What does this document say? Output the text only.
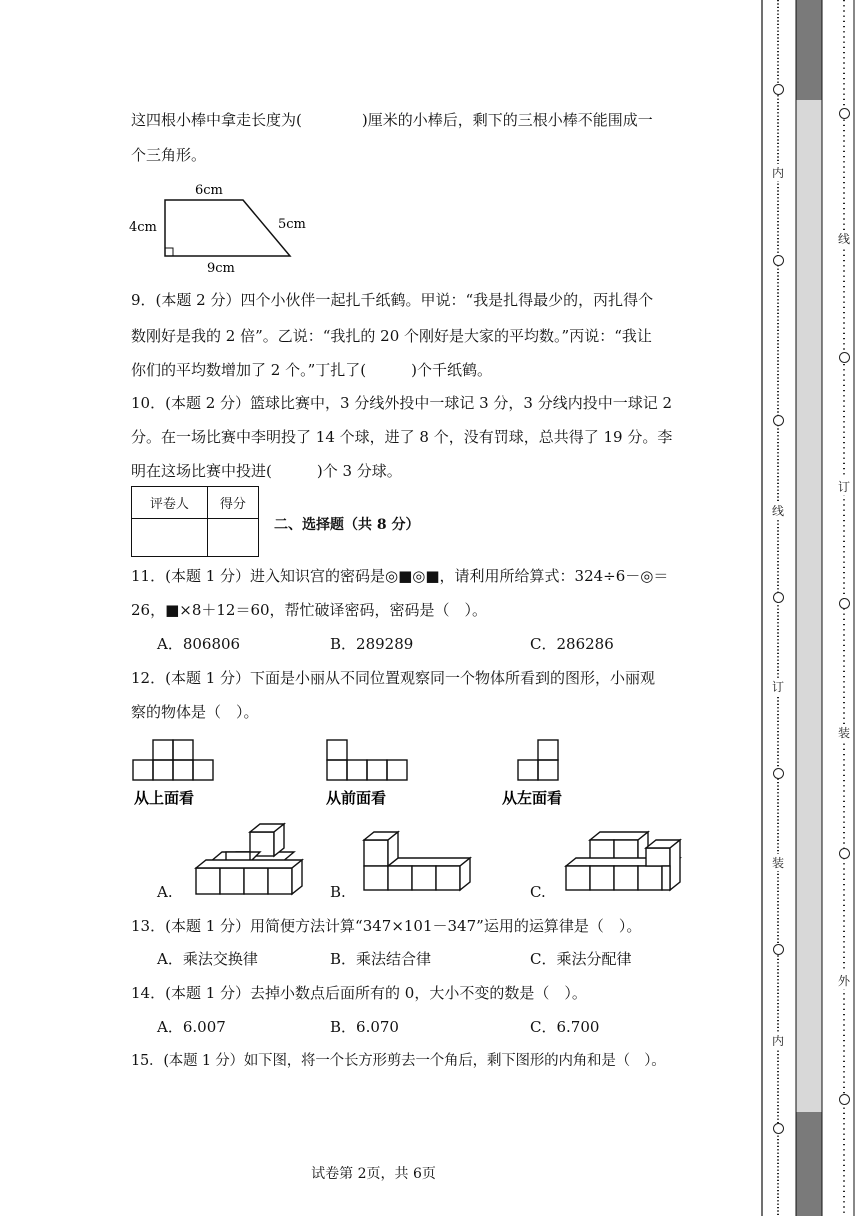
这四根小棒中拿走长度为(　　　　)厘米的小棒后，剩下的三根小棒不能围成一
个三角形。
6cm
4cm	5cm
9cm
9．(本题 2 分）四个小伙伴一起扎千纸鹤。甲说：“我是扎得最少的，丙扎得个
数刚好是我的 2 倍”。乙说：“我扎的 20 个刚好是大家的平均数。”丙说：“我让
你们的平均数增加了 2 个。”丁扎了(　　　)个千纸鹤。
10．(本题 2 分）篮球比赛中，3 分线外投中一球记 3 分，3 分线内投中一球记 2
分。在一场比赛中李明投了 14 个球，进了 8 个，没有罚球，总共得了 19 分。李
明在这场比赛中投进(　　　)个 3 分球。
评卷人	得分

二、选择题（共 8 分）
11．(本题 1 分）进入知识宫的密码是◎■◎■，请利用所给算式：324÷6－◎＝
26，■×8＋12＝60，帮忙破译密码，密码是（　）。
A．806806	B．289289	C．286286
12．(本题 1 分）下面是小丽从不同位置观察同一个物体所看到的图形，小丽观
察的物体是（　）。
从上面看	从前面看	从左面看
A.	B.	C.
13．(本题 1 分）用简便方法计算“347×101－347”运用的运算律是（　）。
A．乘法交换律	B．乘法结合律	C．乘法分配律
14．(本题 1 分）去掉小数点后面所有的 0，大小不变的数是（　）。
A．6.007	B．6.070	C．6.700
15．(本题 1 分）如下图，将一个长方形剪去一个角后，剩下图形的内角和是（　）。
试卷第 2页，共 6页
内
线
订
装
内
线
订
装
外
